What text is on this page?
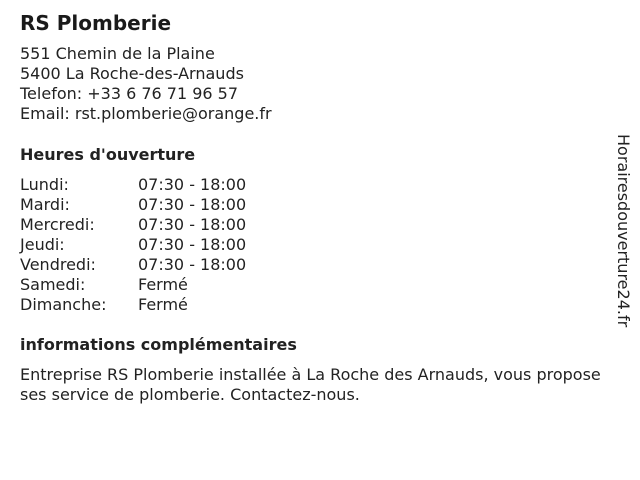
RS Plomberie
551 Chemin de la Plaine
5400 La Roche-des-Arnauds
Telefon: +33 6 76 71 96 57
Email: rst.plomberie@orange.fr
Heures d'ouverture
Lundi:	07:30 - 18:00
Mardi:	07:30 - 18:00
Mercredi:	07:30 - 18:00
Jeudi:	07:30 - 18:00
Vendredi:	07:30 - 18:00
Samedi:	Fermé
Dimanche:	Fermé
informations complémentaires
Entreprise RS Plomberie installée à La Roche des Arnauds, vous propose ses service de plomberie. Contactez-nous.
Horairesdouverture24.fr
